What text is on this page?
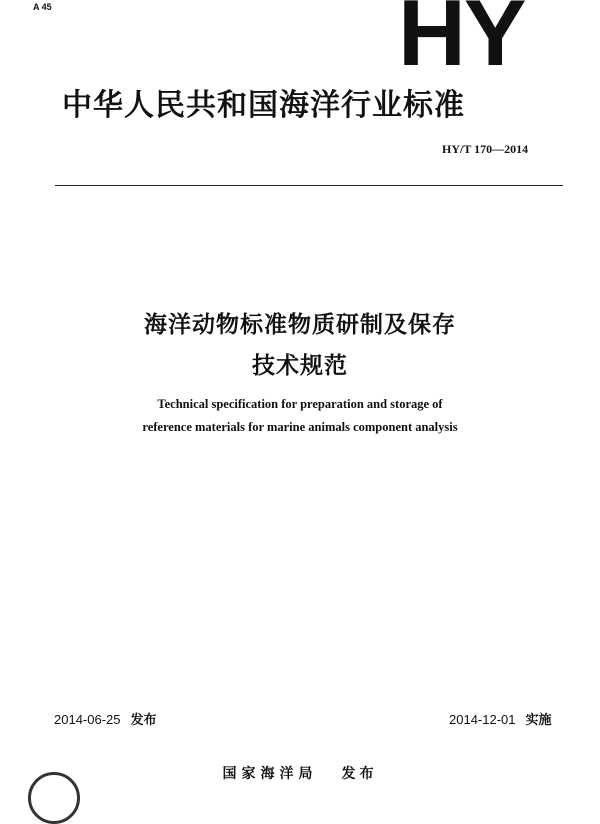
A 45	HY
中华人民共和国海洋行业标准
HY/T 170—2014
海洋动物标准物质研制及保存
技术规范
Technical specification for preparation and storage of
reference materials for marine animals component analysis
2014-06-25 发布	2014-12-01 实施
国家海洋局 发布
